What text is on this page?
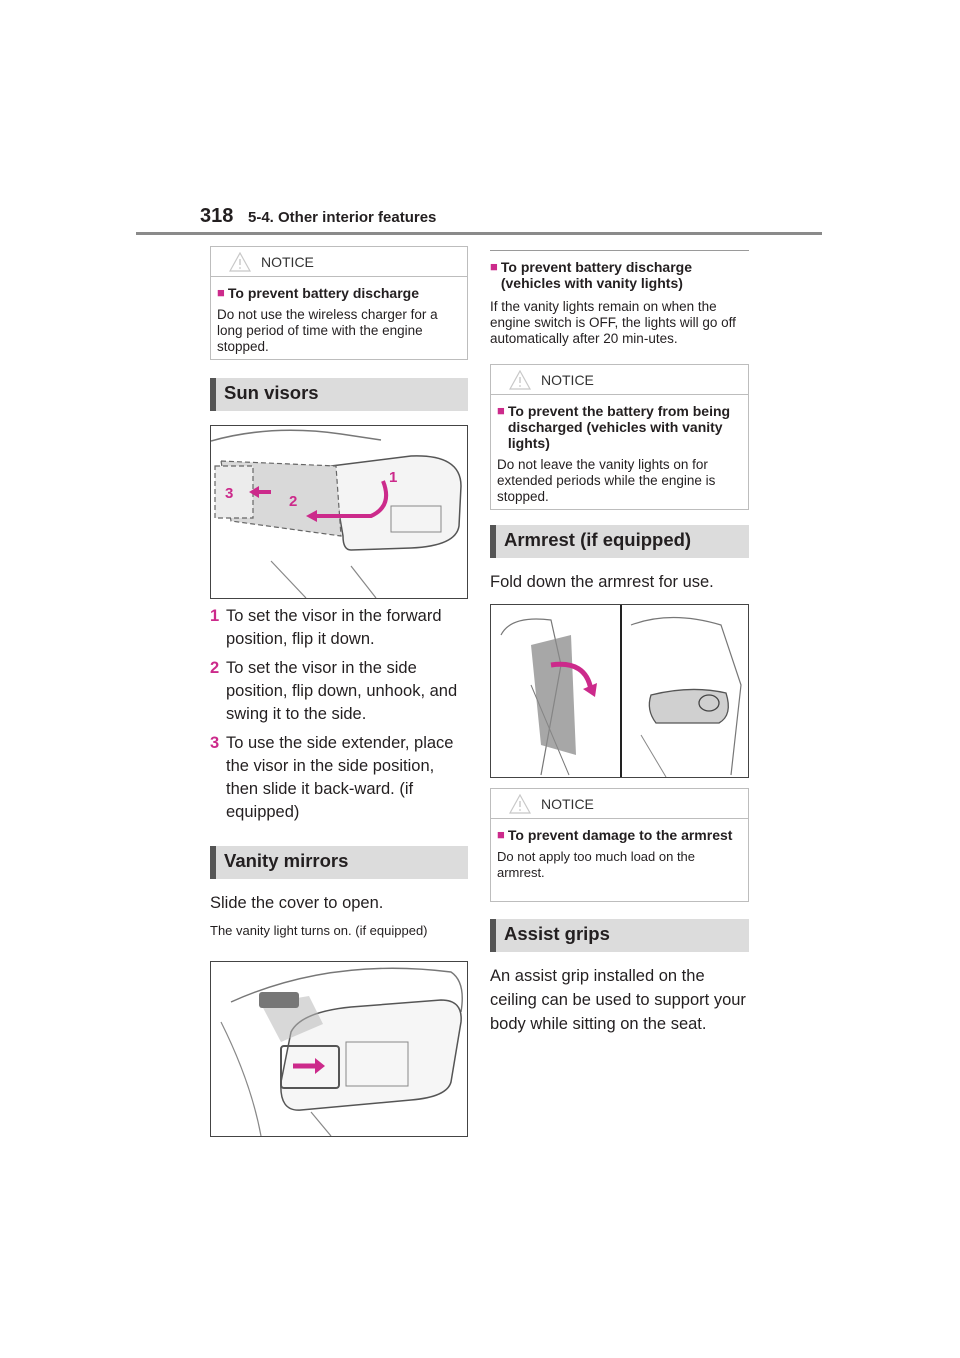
318 5-4. Other interior features
NOTICE
■ To prevent battery discharge
Do not use the wireless charger for a long period of time with the engine stopped.
Sun visors
1
2
3
1 To set the visor in the forward position, flip it down.
2 To set the visor in the side position, flip down, unhook, and swing it to the side.
3 To use the side extender, place the visor in the side position, then slide it back-ward. (if equipped)
Vanity mirrors
Slide the cover to open.
The vanity light turns on. (if equipped)
■ To prevent battery discharge (vehicles with vanity lights)
If the vanity lights remain on when the engine switch is OFF, the lights will go off automatically after 20 min-utes.
NOTICE
■ To prevent the battery from being discharged (vehicles with vanity lights)
Do not leave the vanity lights on for extended periods while the engine is stopped.
Armrest (if equipped)
Fold down the armrest for use.
NOTICE
■ To prevent damage to the armrest
Do not apply too much load on the armrest.
Assist grips
An assist grip installed on the ceiling can be used to support your body while sitting on the seat.
